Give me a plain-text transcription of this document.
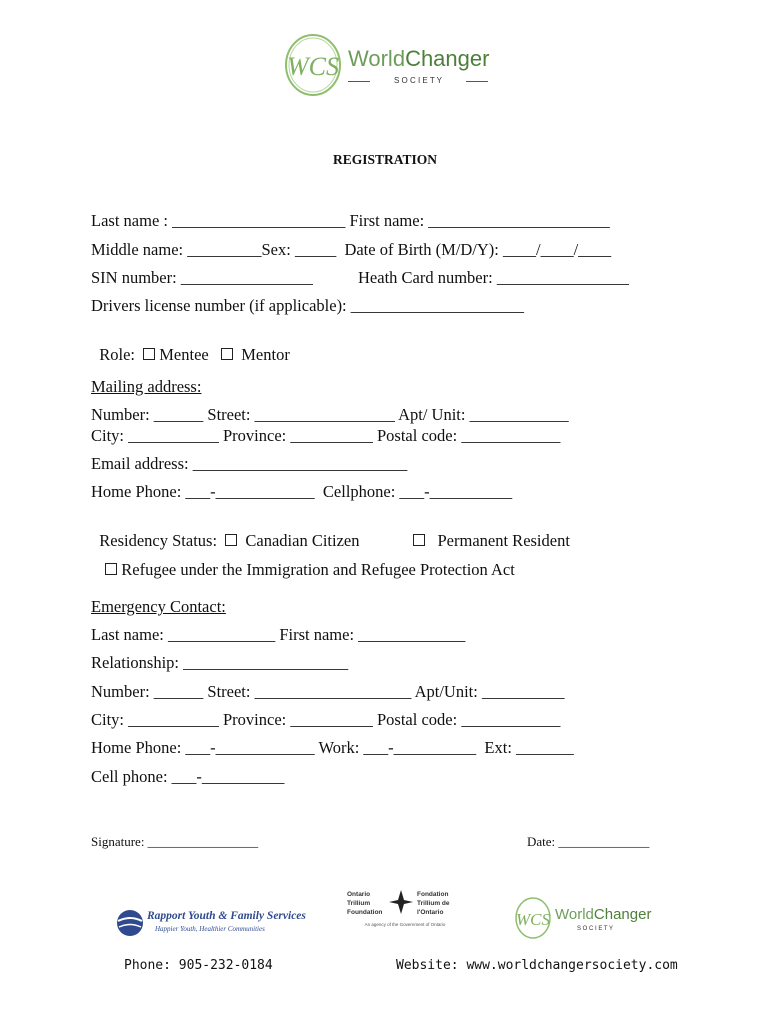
WCS WorldChanger
S O C I E T Y
REGISTRATION
Last name : _____________________ First name: ______________________
Middle name: _________Sex: _____  Date of Birth (M/D/Y): ____/____/____
SIN number: ________________	Heath Card number: ________________
Drivers license number (if applicable): _____________________

Role: Mentee Mentor

Mailing address:
Number: ______ Street: _________________ Apt/ Unit: ____________
City: ___________ Province: __________ Postal code: ____________
Email address: __________________________
Home Phone: ___-____________  Cellphone: ___-__________

Residency Status: Canadian Citizen	Permanent Resident

Refugee under the Immigration and Refugee Protection Act

Emergency Contact:
Last name: _____________ First name: _____________
Relationship: ____________________
Number: ______ Street: ___________________ Apt/Unit: __________
City: ___________ Province: __________ Postal code: ____________
Home Phone: ___-____________ Work: ___-__________  Ext: _______
Cell phone: ___-__________
Signature: _________________	Date: ______________
Rapport Youth & Family Services
Happier Youth, Healthier Communities
Ontario Trillium Foundation
Fondation Trillium de l'Ontario
An agency of the Government of Ontario	WCS WorldChanger
S O C I E T Y
Phone: 905-232-0184	Website: www.worldchangersociety.com
